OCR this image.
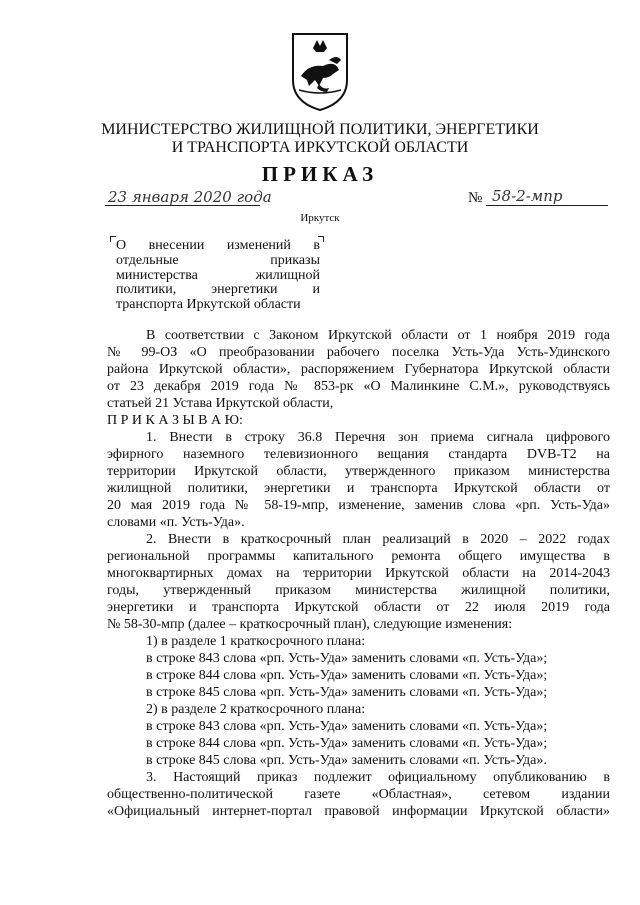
МИНИСТЕРСТВО ЖИЛИЩНОЙ ПОЛИТИКИ, ЭНЕРГЕТИКИ
И ТРАНСПОРТА ИРКУТСКОЙ ОБЛАСТИ
ПРИКАЗ
23 января 2020 года	№ 58-2-мпр
Иркутск
О внесении изменений в
отдельные приказы
министерства жилищной
политики, энергетики и
транспорта Иркутской области

В соответствии с Законом Иркутской области от 1 ноября 2019 года

№ 99-ОЗ «О преобразовании рабочего поселка Усть-Уда Усть-Удинского

района Иркутской области», распоряжением Губернатора Иркутской области

от 23 декабря 2019 года № 853-рк «О Малинкине С.М.», руководствуясь

статьей 21 Устава Иркутской области,

П Р И К А З Ы В А Ю:

1. Внести в строку 36.8 Перечня зон приема сигнала цифрового

эфирного наземного телевизионного вещания стандарта DVB-T2 на

территории Иркутской области, утвержденного приказом министерства

жилищной политики, энергетики и транспорта Иркутской области от

20 мая 2019 года № 58-19-мпр, изменение, заменив слова «рп. Усть-Уда»

словами «п. Усть-Уда».

2. Внести в краткосрочный план реализаций в 2020 – 2022 годах

региональной программы капитального ремонта общего имущества в

многоквартирных домах на территории Иркутской области на 2014-2043

годы, утвержденный приказом министерства жилищной политики,

энергетики и транспорта Иркутской области от 22 июля 2019 года

№ 58-30-мпр (далее – краткосрочный план), следующие изменения:

1) в разделе 1 краткосрочного плана:

в строке 843 слова «рп. Усть-Уда» заменить словами «п. Усть-Уда»;

в строке 844 слова «рп. Усть-Уда» заменить словами «п. Усть-Уда»;

в строке 845 слова «рп. Усть-Уда» заменить словами «п. Усть-Уда»;

2) в разделе 2 краткосрочного плана:

в строке 843 слова «рп. Усть-Уда» заменить словами «п. Усть-Уда»;

в строке 844 слова «рп. Усть-Уда» заменить словами «п. Усть-Уда»;

в строке 845 слова «рп. Усть-Уда» заменить словами «п. Усть-Уда».

3. Настоящий приказ подлежит официальному опубликованию в

общественно-политической газете «Областная», сетевом издании

«Официальный интернет-портал правовой информации Иркутской области»
